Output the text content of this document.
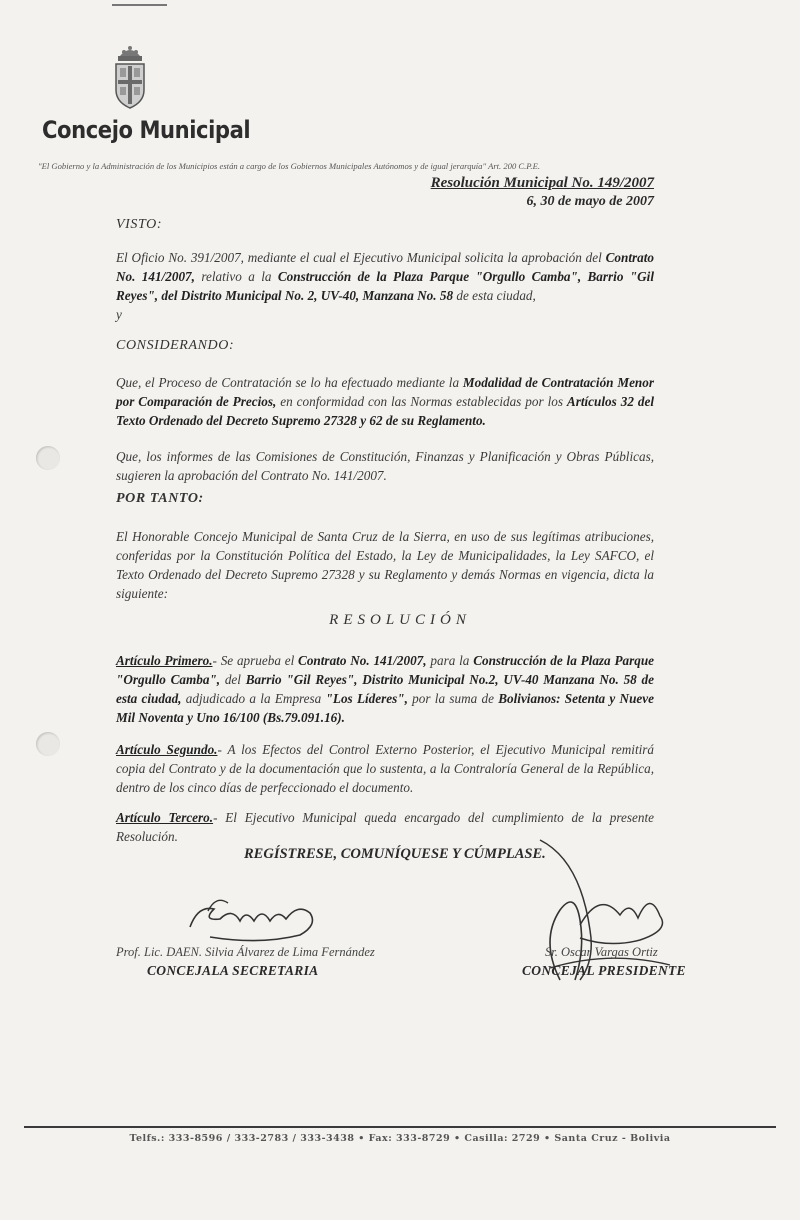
Concejo Municipal
"El Gobierno y la Administración de los Municipios están a cargo de los Gobiernos Municipales Autónomos y de igual jerarquía" Art. 200 C.P.E.
Resolución Municipal No. 149/2007
6, 30 de mayo de 2007
VISTO:
El Oficio No. 391/2007, mediante el cual el Ejecutivo Municipal solicita la aprobación del Contrato No. 141/2007, relativo a la Construcción de la Plaza Parque "Orgullo Camba", Barrio "Gil Reyes", del Distrito Municipal No. 2, UV-40, Manzana No. 58 de esta ciudad,
y
CONSIDERANDO:
Que, el Proceso de Contratación se lo ha efectuado mediante la Modalidad de Contratación Menor por Comparación de Precios, en conformidad con las Normas establecidas por los Artículos 32 del Texto Ordenado del Decreto Supremo 27328 y 62 de su Reglamento.
Que, los informes de las Comisiones de Constitución, Finanzas y Planificación y Obras Públicas, sugieren la aprobación del Contrato No. 141/2007.
POR TANTO:
El Honorable Concejo Municipal de Santa Cruz de la Sierra, en uso de sus legítimas atribuciones, conferidas por la Constitución Política del Estado, la Ley de Municipalidades, la Ley SAFCO, el Texto Ordenado del Decreto Supremo 27328 y su Reglamento y demás Normas en vigencia, dicta la siguiente:
RESOLUCIÓN
Artículo Primero.- Se aprueba el Contrato No. 141/2007, para la Construcción de la Plaza Parque "Orgullo Camba", del Barrio "Gil Reyes", Distrito Municipal No.2, UV-40 Manzana No. 58 de esta ciudad, adjudicado a la Empresa "Los Líderes", por la suma de Bolivianos: Setenta y Nueve Mil Noventa y Uno 16/100 (Bs.79.091.16).
Artículo Segundo.- A los Efectos del Control Externo Posterior, el Ejecutivo Municipal remitirá copia del Contrato y de la documentación que lo sustenta, a la Contraloría General de la República, dentro de los cinco días de perfeccionado el documento.
Artículo Tercero.- El Ejecutivo Municipal queda encargado del cumplimiento de la presente Resolución.
REGÍSTRESE, COMUNÍQUESE Y CÚMPLASE.
Prof. Lic. DAEN. Silvia Álvarez de Lima Fernández
CONCEJALA SECRETARIA
Sr. Oscar Vargas Ortiz
CONCEJAL PRESIDENTE
Telfs.: 333-8596 / 333-2783 / 333-3438 • Fax: 333-8729 • Casilla: 2729 • Santa Cruz - Bolivia
